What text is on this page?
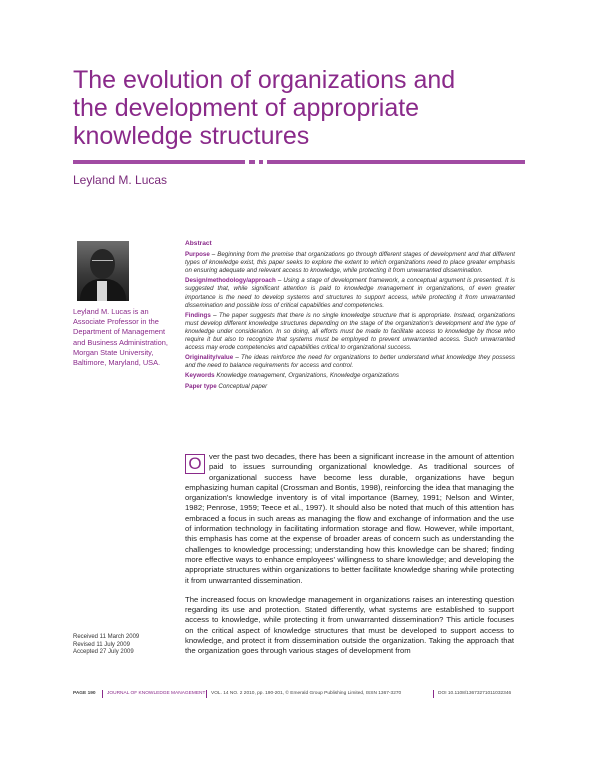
The evolution of organizations and
the development of appropriate
knowledge structures
Leyland M. Lucas
Leyland M. Lucas is an Associate Professor in the Department of Management and Business Administration, Morgan State University, Baltimore, Maryland, USA.
Abstract

Purpose – Beginning from the premise that organizations go through different stages of development and that different types of knowledge exist, this paper seeks to explore the extent to which organizations need to place greater emphasis on ensuring adequate and relevant access to knowledge, while protecting it from unwarranted dissemination.

Design/methodology/approach – Using a stage of development framework, a conceptual argument is presented. It is suggested that, while significant attention is paid to knowledge management in organizations, of even greater importance is the need to develop systems and structures to support access, while protecting it from unwarranted dissemination and possible loss of critical capabilities and competencies.

Findings – The paper suggests that there is no single knowledge structure that is appropriate. Instead, organizations must develop different knowledge structures depending on the stage of the organization's development and the type of knowledge under consideration. In so doing, all efforts must be made to facilitate access to knowledge by those who require it but also to recognize that systems must be employed to prevent unwarranted access. Such unwarranted access may erode competencies and capabilities critical to organizational success.

Originality/value – The ideas reinforce the need for organizations to better understand what knowledge they possess and the need to balance requirements for access and control.

Keywords Knowledge management, Organizations, Knowledge organizations

Paper type Conceptual paper

O ver the past two decades, there has been a significant increase in the amount of attention paid to issues surrounding organizational knowledge. As traditional sources of organizational success have become less durable, organizations have begun emphasizing human capital (Crossman and Bontis, 1998), reinforcing the idea that managing the organization's knowledge inventory is of vital importance (Barney, 1991; Nelson and Winter, 1982; Penrose, 1959; Teece et al., 1997). It should also be noted that much of this attention has embraced a focus in such areas as managing the flow and exchange of information and the use of information technology in facilitating information storage and flow. However, while important, this emphasis has come at the expense of broader areas of concern such as understanding the challenges to knowledge processing; understanding how this knowledge can be shared; finding more effective ways to enhance employees' willingness to share knowledge; and developing the appropriate structures within organizations to better facilitate knowledge sharing while protecting it from unwarranted dissemination.

The increased focus on knowledge management in organizations raises an interesting question regarding its use and protection. Stated differently, what systems are established to support access to knowledge, while protecting it from unwarranted dissemination? This article focuses on the critical aspect of knowledge structures that must be developed to support access to knowledge, and protect it from dissemination outside the organization. Taking the approach that the organization goes through various stages of development from

Received 11 March 2009
Revised 11 July 2009
Accepted 27 July 2009
PAGE 190 JOURNAL OF KNOWLEDGE MANAGEMENT VOL. 14 NO. 2 2010, pp. 190-201, © Emerald Group Publishing Limited, ISSN 1367-3270	DOI 10.1108/13673271011032346
